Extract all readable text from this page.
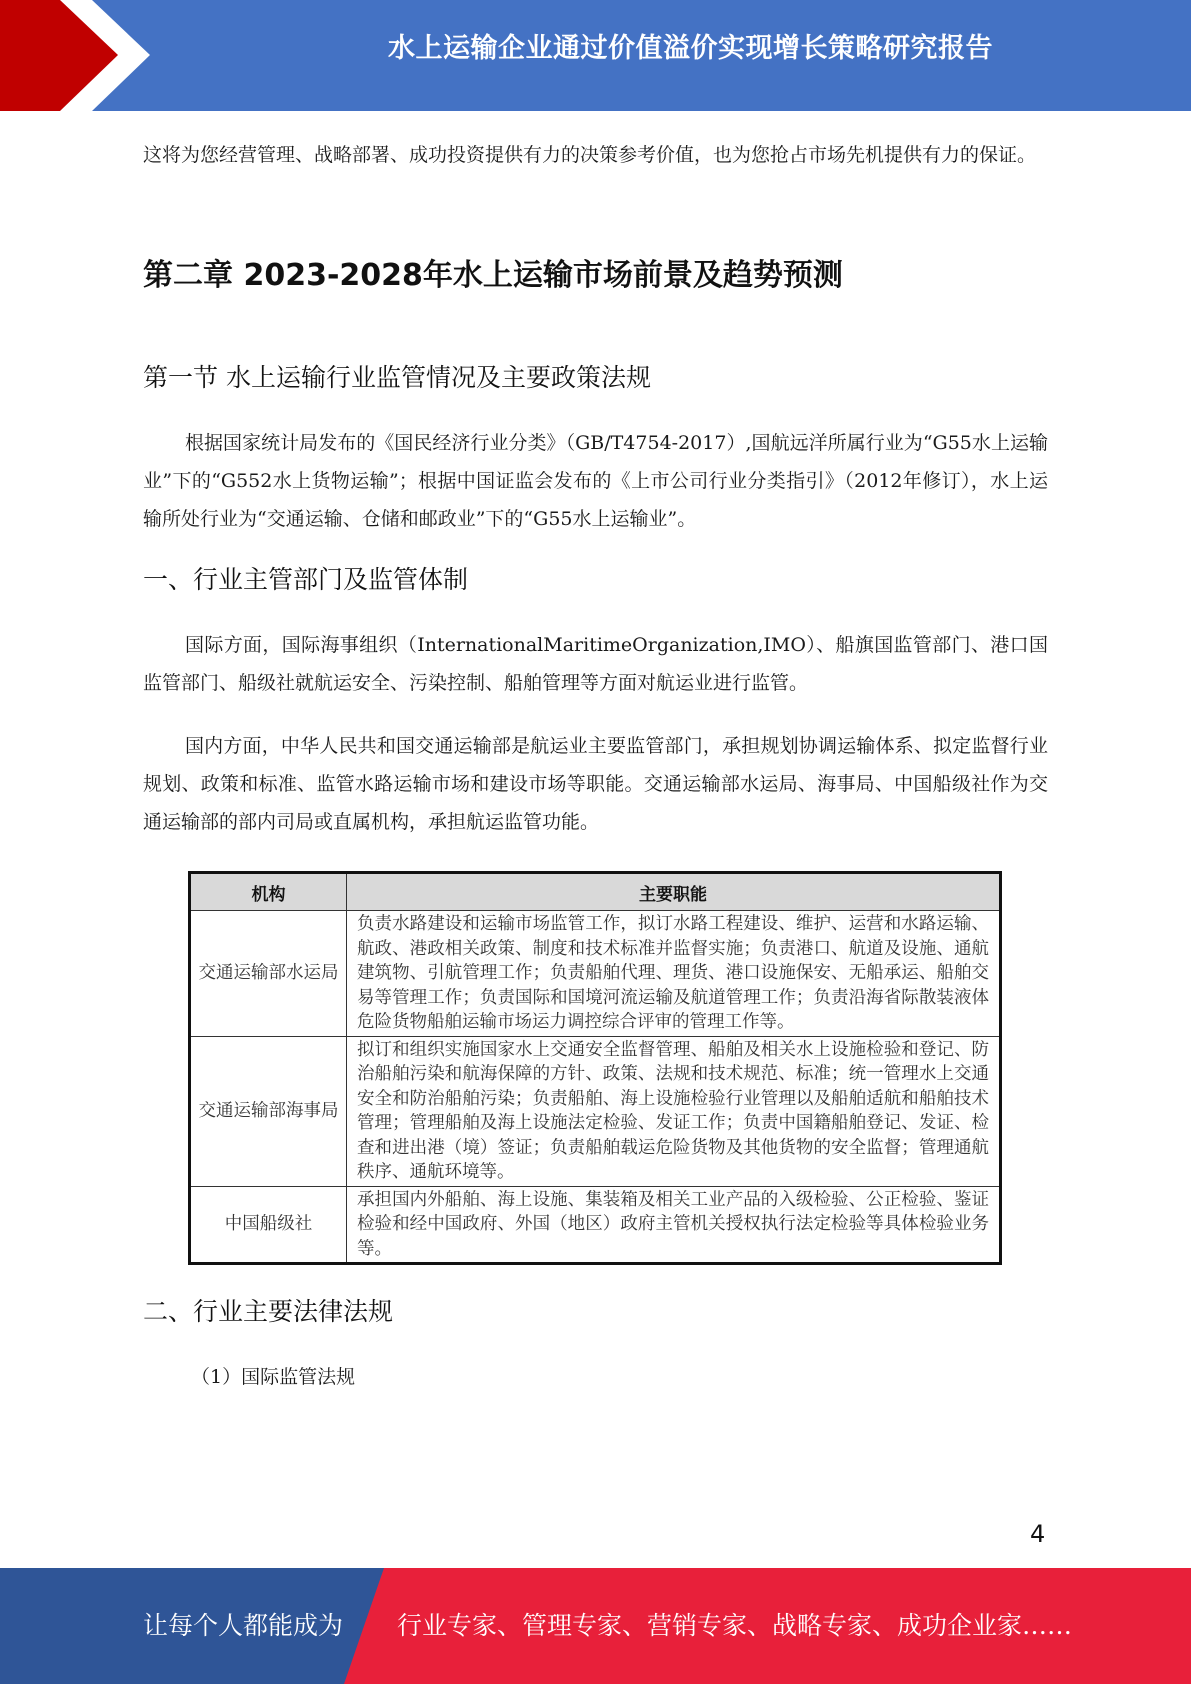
水上运输企业通过价值溢价实现增长策略研究报告

这将为您经营管理、战略部署、成功投资提供有力的决策参考价值，也为您抢占市场先机提供有力的保证。

第二章 2023-2028年水上运输市场前景及趋势预测
第一节 水上运输行业监管情况及主要政策法规

根据国家统计局发布的《国民经济行业分类》（GB/T4754-2017）,国航远洋所属行业为“G55水上运输业”下的“G552水上货物运输”；根据中国证监会发布的《上市公司行业分类指引》（2012年修订），水上运输所处行业为“交通运输、仓储和邮政业”下的“G55水上运输业”。

一、行业主管部门及监管体制

国际方面，国际海事组织（InternationalMaritimeOrganization,IMO）、船旗国监管部门、港口国监管部门、船级社就航运安全、污染控制、船舶管理等方面对航运业进行监管。

国内方面，中华人民共和国交通运输部是航运业主要监管部门，承担规划协调运输体系、拟定监督行业规划、政策和标准、监管水路运输市场和建设市场等职能。交通运输部水运局、海事局、中国船级社作为交通运输部的部内司局或直属机构，承担航运监管功能。

机构	主要职能
交通运输部水运局	负责水路建设和运输市场监管工作，拟订水路工程建设、维护、运营和水路运输、航政、港政相关政策、制度和技术标准并监督实施；负责港口、航道及设施、通航建筑物、引航管理工作；负责船舶代理、理货、港口设施保安、无船承运、船舶交易等管理工作；负责国际和国境河流运输及航道管理工作；负责沿海省际散装液体危险货物船舶运输市场运力调控综合评审的管理工作等。
交通运输部海事局	拟订和组织实施国家水上交通安全监督管理、船舶及相关水上设施检验和登记、防治船舶污染和航海保障的方针、政策、法规和技术规范、标准；统一管理水上交通安全和防治船舶污染；负责船舶、海上设施检验行业管理以及船舶适航和船舶技术管理；管理船舶及海上设施法定检验、发证工作；负责中国籍船舶登记、发证、检查和进出港（境）签证；负责船舶载运危险货物及其他货物的安全监督；管理通航秩序、通航环境等。
中国船级社	承担国内外船舶、海上设施、集装箱及相关工业产品的入级检验、公正检验、鉴证检验和经中国政府、外国（地区）政府主管机关授权执行法定检验等具体检验业务等。
二、行业主要法律法规

（1）国际监管法规

4
让每个人都能成为 行业专家、管理专家、营销专家、战略专家、成功企业家……
